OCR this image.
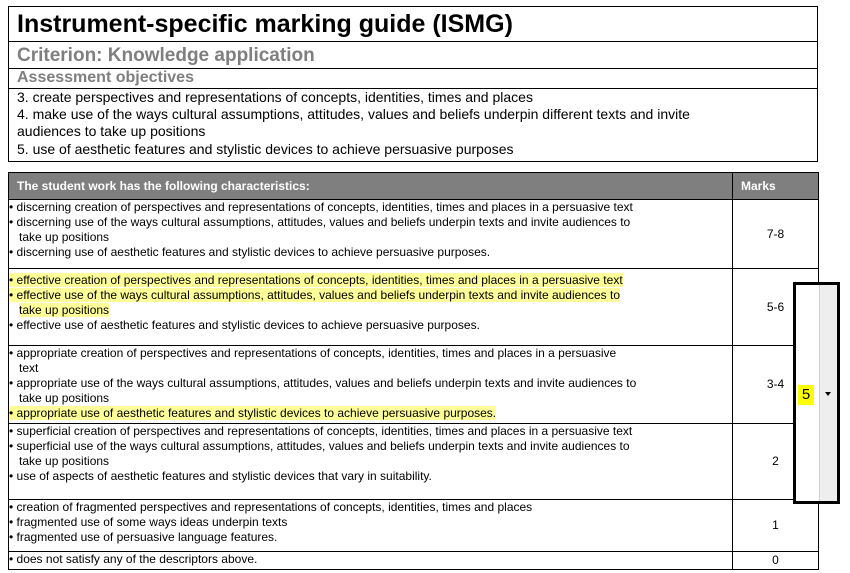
Instrument-specific marking guide (ISMG)
Criterion: Knowledge application
Assessment objectives
3. create perspectives and representations of concepts, identities, times and places
4. make use of the ways cultural assumptions, attitudes, values and beliefs underpin different texts and invite
audiences to take up positions
5. use of aesthetic features and stylistic devices to achieve persuasive purposes
The student work has the following characteristics:	Marks

• discerning creation of perspectives and representations of concepts, identities, times and places in a persuasive text
• discerning use of the ways cultural assumptions, attitudes, values and beliefs underpin texts and invite audiences to
take up positions
• discerning use of aesthetic features and stylistic devices to achieve persuasive purposes.	7-8

• effective creation of perspectives and representations of concepts, identities, times and places in a persuasive text
• effective use of the ways cultural assumptions, attitudes, values and beliefs underpin texts and invite audiences to
take up positions
• effective use of aesthetic features and stylistic devices to achieve persuasive purposes.	5-6

• appropriate creation of perspectives and representations of concepts, identities, times and places in a persuasive
text
• appropriate use of the ways cultural assumptions, attitudes, values and beliefs underpin texts and invite audiences to
take up positions
• appropriate use of aesthetic features and stylistic devices to achieve persuasive purposes.	3-4

• superficial creation of perspectives and representations of concepts, identities, times and places in a persuasive text
• superficial use of the ways cultural assumptions, attitudes, values and beliefs underpin texts and invite audiences to
take up positions
• use of aspects of aesthetic features and stylistic devices that vary in suitability.	2

• creation of fragmented perspectives and representations of concepts, identities, times and places
• fragmented use of some ways ideas underpin texts
• fragmented use of persuasive language features.	1

• does not satisfy any of the descriptors above.	0
5
